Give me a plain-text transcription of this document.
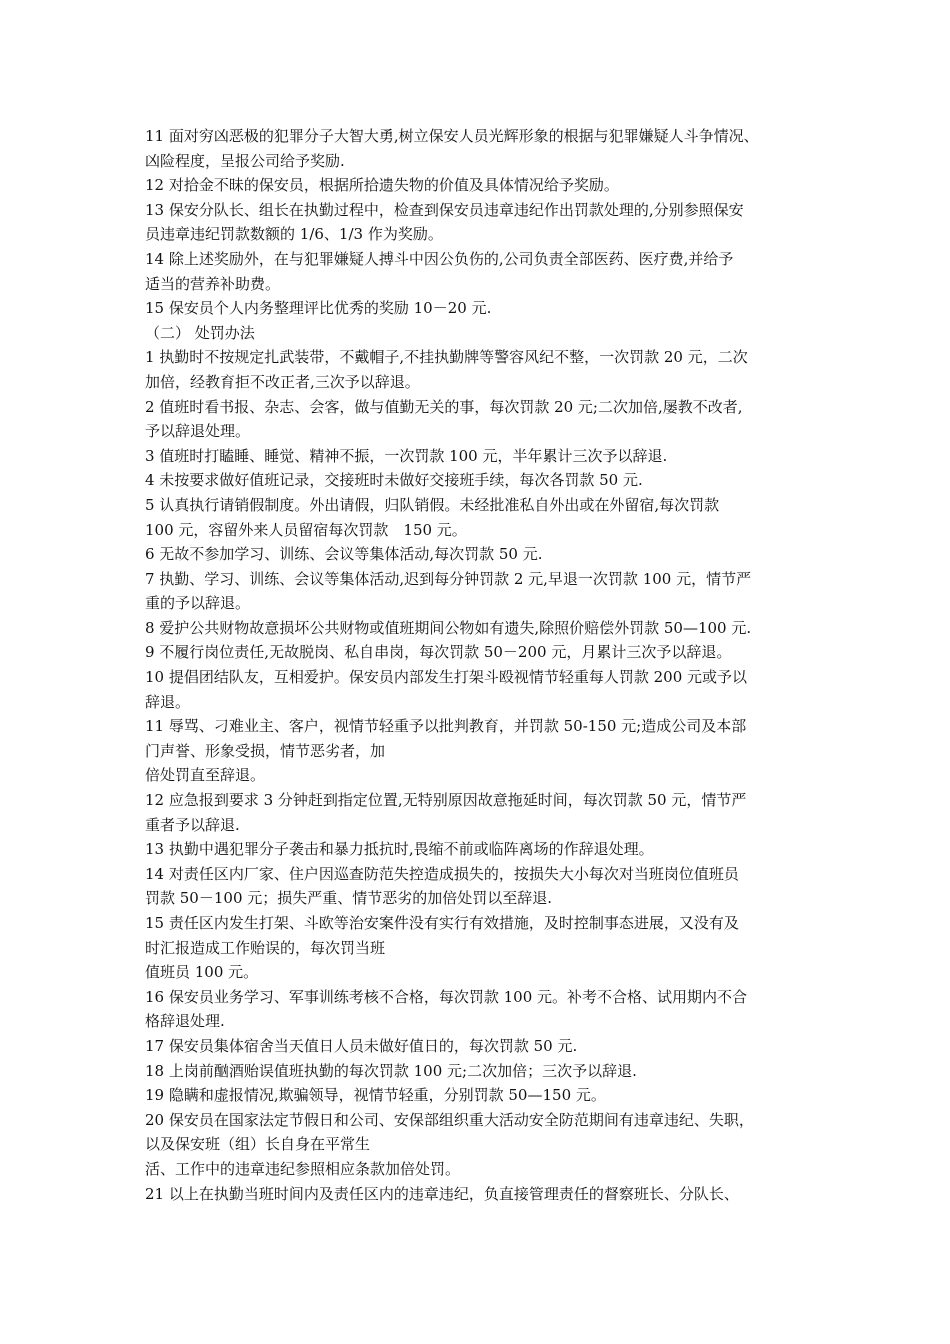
11 面对穷凶恶极的犯罪分子大智大勇,树立保安人员光辉形象的根据与犯罪嫌疑人斗争情况、
凶险程度，呈报公司给予奖励.
12 对拾金不昧的保安员，根据所拾遗失物的价值及具体情况给予奖励。
13 保安分队长、组长在执勤过程中，检查到保安员违章违纪作出罚款处理的,分别参照保安
员违章违纪罚款数额的 1/6、1/3 作为奖励。
14 除上述奖励外，在与犯罪嫌疑人搏斗中因公负伤的,公司负责全部医药、医疗费,并给予
适当的营养补助费。
15 保安员个人内务整理评比优秀的奖励 10－20 元.
（二） 处罚办法
1 执勤时不按规定扎武装带，不戴帽子,不挂执勤牌等警容风纪不整，一次罚款 20 元，二次
加倍，经教育拒不改正者,三次予以辞退。
2 值班时看书报、杂志、会客，做与值勤无关的事，每次罚款 20 元;二次加倍,屡教不改者,
予以辞退处理。
3 值班时打瞌睡、睡觉、精神不振，一次罚款 100 元，半年累计三次予以辞退.
4 未按要求做好值班记录，交接班时未做好交接班手续，每次各罚款 50 元.
5 认真执行请销假制度。外出请假，归队销假。未经批准私自外出或在外留宿,每次罚款
100 元，容留外来人员留宿每次罚款　150 元。
6 无故不参加学习、训练、会议等集体活动,每次罚款 50 元.
7 执勤、学习、训练、会议等集体活动,迟到每分钟罚款 2 元,早退一次罚款 100 元，情节严
重的予以辞退。
8 爱护公共财物故意损坏公共财物或值班期间公物如有遗失,除照价赔偿外罚款 50—100 元.
9 不履行岗位责任,无故脱岗、私自串岗，每次罚款 50－200 元，月累计三次予以辞退。
10 提倡团结队友，互相爱护。保安员内部发生打架斗殴视情节轻重每人罚款 200 元或予以
辞退。
11 辱骂、刁难业主、客户，视情节轻重予以批判教育，并罚款 50-150 元;造成公司及本部
门声誉、形象受损，情节恶劣者，加
倍处罚直至辞退。
12 应急报到要求 3 分钟赶到指定位置,无特别原因故意拖延时间，每次罚款 50 元，情节严
重者予以辞退.
13 执勤中遇犯罪分子袭击和暴力抵抗时,畏缩不前或临阵离场的作辞退处理。
14 对责任区内厂家、住户因巡查防范失控造成损失的，按损失大小每次对当班岗位值班员
罚款 50－100 元；损失严重、情节恶劣的加倍处罚以至辞退.
15 责任区内发生打架、斗欧等治安案件没有实行有效措施，及时控制事态进展，又没有及
时汇报造成工作贻误的，每次罚当班
值班员 100 元。
16 保安员业务学习、军事训练考核不合格，每次罚款 100 元。补考不合格、试用期内不合
格辞退处理.
17 保安员集体宿舍当天值日人员未做好值日的，每次罚款 50 元.
18 上岗前酗酒贻误值班执勤的每次罚款 100 元;二次加倍；三次予以辞退.
19 隐瞒和虚报情况,欺骗领导，视情节轻重，分别罚款 50—150 元。
20 保安员在国家法定节假日和公司、安保部组织重大活动安全防范期间有违章违纪、失职，
以及保安班（组）长自身在平常生
活、工作中的违章违纪参照相应条款加倍处罚。
21 以上在执勤当班时间内及责任区内的违章违纪，负直接管理责任的督察班长、分队长、
